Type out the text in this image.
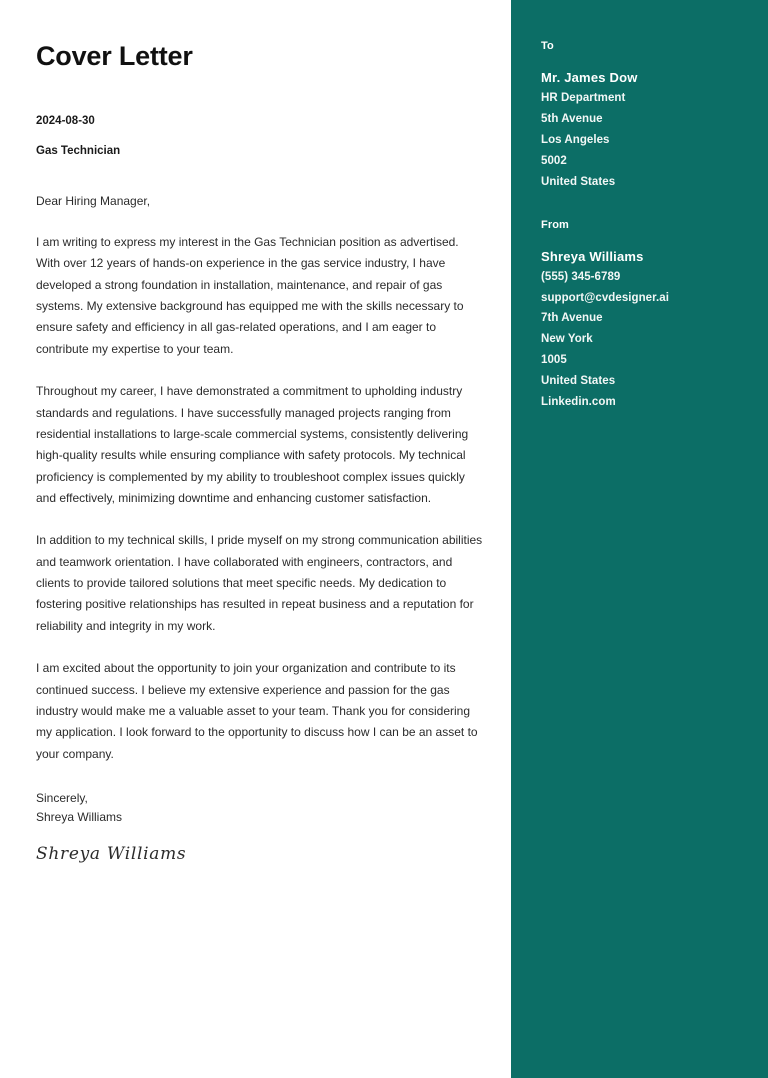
Cover Letter
2024-08-30
Gas Technician
Dear Hiring Manager,

I am writing to express my interest in the Gas Technician position as advertised. With over 12 years of hands-on experience in the gas service industry, I have developed a strong foundation in installation, maintenance, and repair of gas systems. My extensive background has equipped me with the skills necessary to ensure safety and efficiency in all gas-related operations, and I am eager to contribute my expertise to your team.

Throughout my career, I have demonstrated a commitment to upholding industry standards and regulations. I have successfully managed projects ranging from residential installations to large-scale commercial systems, consistently delivering high-quality results while ensuring compliance with safety protocols. My technical proficiency is complemented by my ability to troubleshoot complex issues quickly and effectively, minimizing downtime and enhancing customer satisfaction.

In addition to my technical skills, I pride myself on my strong communication abilities and teamwork orientation. I have collaborated with engineers, contractors, and clients to provide tailored solutions that meet specific needs. My dedication to fostering positive relationships has resulted in repeat business and a reputation for reliability and integrity in my work.

I am excited about the opportunity to join your organization and contribute to its continued success. I believe my extensive experience and passion for the gas industry would make me a valuable asset to your team. Thank you for considering my application. I look forward to the opportunity to discuss how I can be an asset to your company.

Sincerely,
Shreya Williams
Shreya Williams
To
Mr. James Dow
HR Department
5th Avenue
Los Angeles
5002
United States
From
Shreya Williams
(555) 345-6789
support@cvdesigner.ai
7th Avenue
New York
1005
United States
Linkedin.com
